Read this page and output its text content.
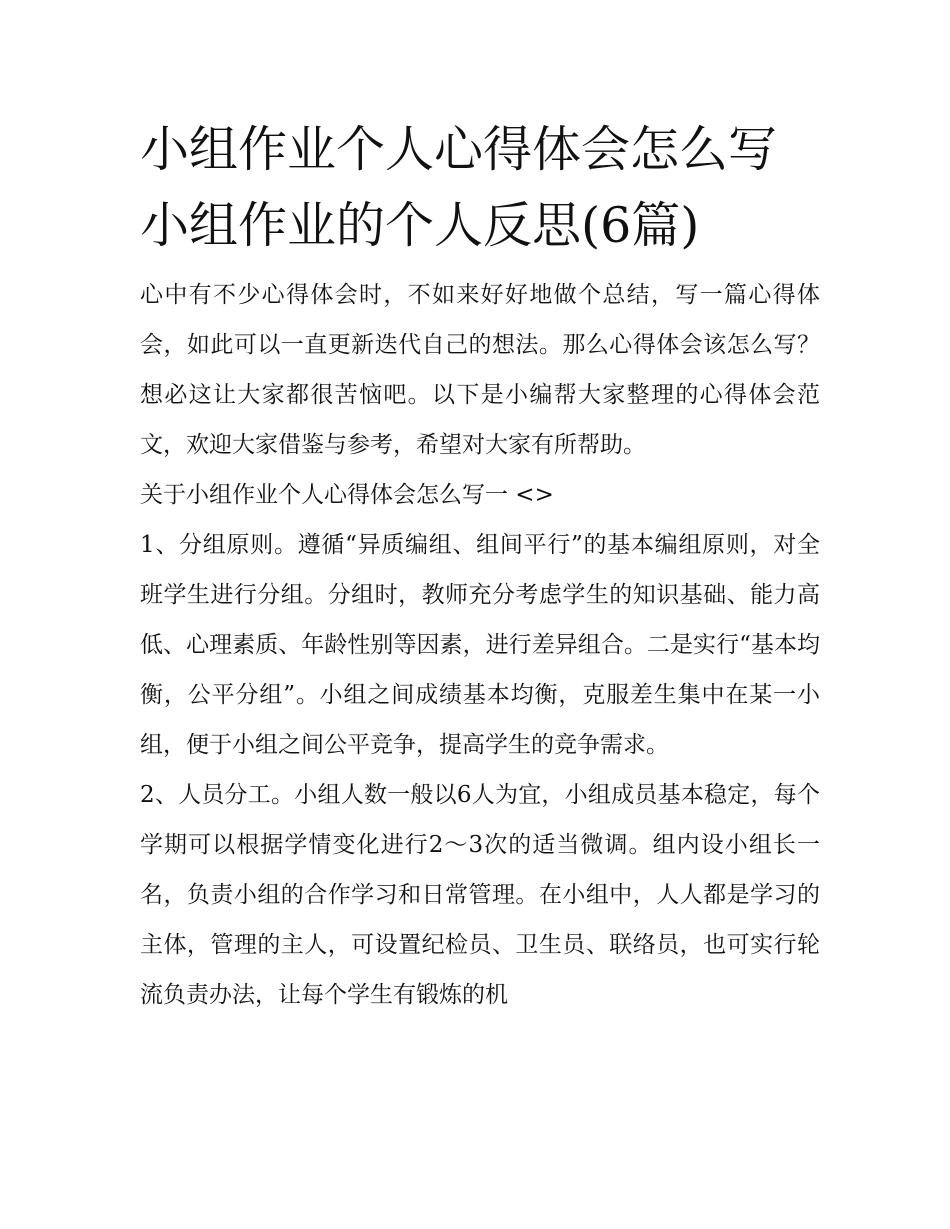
小组作业个人心得体会怎么写
小组作业的个人反思(6篇)

心中有不少心得体会时，不如来好好地做个总结，写一篇心得体会，如此可以一直更新迭代自己的想法。那么心得体会该怎么写？想必这让大家都很苦恼吧。以下是小编帮大家整理的心得体会范文，欢迎大家借鉴与参考，希望对大家有所帮助。

关于小组作业个人心得体会怎么写一 <>

1、分组原则。遵循“异质编组、组间平行”的基本编组原则，对全班学生进行分组。分组时，教师充分考虑学生的知识基础、能力高低、心理素质、年龄性别等因素，进行差异组合。二是实行“基本均衡，公平分组”。小组之间成绩基本均衡，克服差生集中在某一小组，便于小组之间公平竞争，提高学生的竞争需求。

2、人员分工。小组人数一般以6人为宜，小组成员基本稳定，每个学期可以根据学情变化进行2～3次的适当微调。组内设小组长一名，负责小组的合作学习和日常管理。在小组中，人人都是学习的主体，管理的主人，可设置纪检员、卫生员、联络员，也可实行轮流负责办法，让每个学生有锻炼的机
